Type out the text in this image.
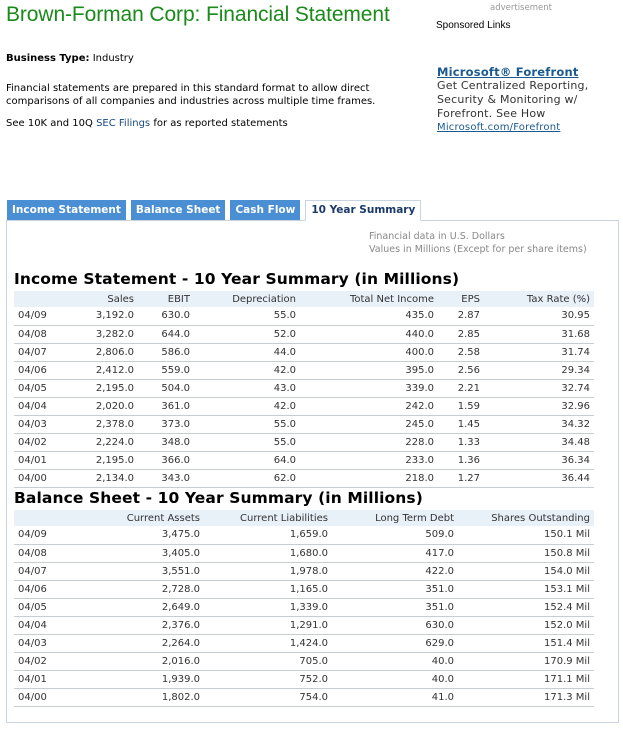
Brown-Forman Corp: Financial Statement
Business Type: Industry

Financial statements are prepared in this standard format to allow direct comparisons of all companies and industries across multiple time frames.

See 10K and 10Q SEC Filings for as reported statements

advertisement
Sponsored Links
Microsoft® Forefront
Get Centralized Reporting, Security & Monitoring w/ Forefront. See How
Microsoft.com/Forefront
Income Statement	Balance Sheet	Cash Flow	10 Year Summary
Financial data in U.S. Dollars
Values in Millions (Except for per share items)
Income Statement - 10 Year Summary (in Millions)
	Sales	EBIT	Depreciation	Total Net Income	EPS	Tax Rate (%)
04/09	3,192.0	630.0	55.0	435.0	2.87	30.95
04/08	3,282.0	644.0	52.0	440.0	2.85	31.68
04/07	2,806.0	586.0	44.0	400.0	2.58	31.74
04/06	2,412.0	559.0	42.0	395.0	2.56	29.34
04/05	2,195.0	504.0	43.0	339.0	2.21	32.74
04/04	2,020.0	361.0	42.0	242.0	1.59	32.96
04/03	2,378.0	373.0	55.0	245.0	1.45	34.32
04/02	2,224.0	348.0	55.0	228.0	1.33	34.48
04/01	2,195.0	366.0	64.0	233.0	1.36	36.34
04/00	2,134.0	343.0	62.0	218.0	1.27	36.44
Balance Sheet - 10 Year Summary (in Millions)
	Current Assets	Current Liabilities	Long Term Debt	Shares Outstanding
04/09	3,475.0	1,659.0	509.0	150.1 Mil
04/08	3,405.0	1,680.0	417.0	150.8 Mil
04/07	3,551.0	1,978.0	422.0	154.0 Mil
04/06	2,728.0	1,165.0	351.0	153.1 Mil
04/05	2,649.0	1,339.0	351.0	152.4 Mil
04/04	2,376.0	1,291.0	630.0	152.0 Mil
04/03	2,264.0	1,424.0	629.0	151.4 Mil
04/02	2,016.0	705.0	40.0	170.9 Mil
04/01	1,939.0	752.0	40.0	171.1 Mil
04/00	1,802.0	754.0	41.0	171.3 Mil
